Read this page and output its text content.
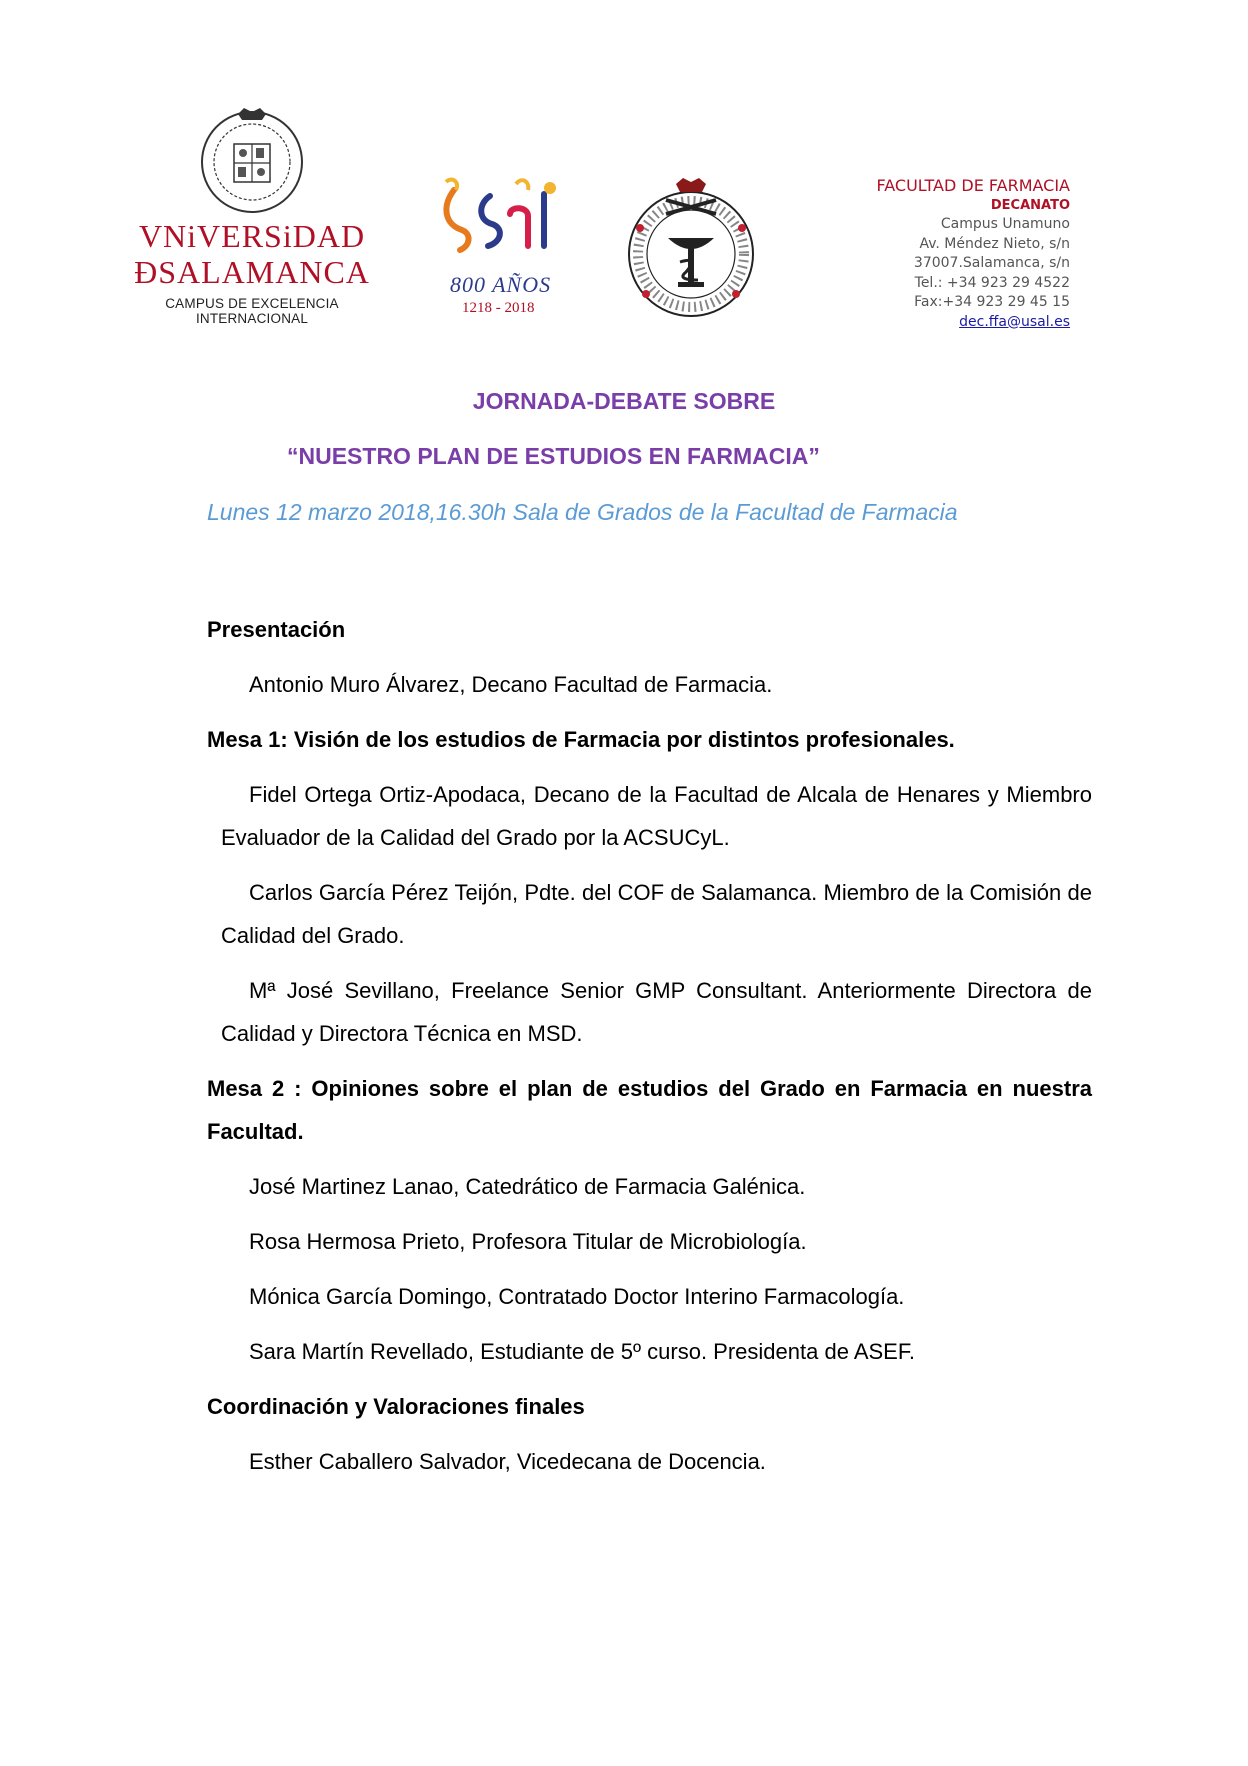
VNiVERSiDAD
ÐSALAMANCA
CAMPUS DE EXCELENCIA INTERNACIONAL
800 AÑOS
1218 - 2018
FACULTAD DE FARMACIA
DECANATO
Campus Unamuno
Av. Méndez Nieto, s/n
37007.Salamanca, s/n
Tel.: +34 923 29 4522
Fax:+34 923 29 45 15
dec.ffa@usal.es
JORNADA-DEBATE SOBRE
“NUESTRO PLAN DE ESTUDIOS EN FARMACIA”
Lunes 12 marzo 2018,16.30h Sala de Grados de la Facultad de Farmacia
Presentación
Antonio Muro Álvarez, Decano Facultad de Farmacia.
Mesa 1: Visión de los estudios de Farmacia por distintos profesionales.
Fidel Ortega Ortiz-Apodaca, Decano de la Facultad de Alcala de Henares y Miembro Evaluador de la Calidad del Grado por la ACSUCyL.
Carlos García Pérez Teijón, Pdte. del COF de Salamanca. Miembro de la Comisión de Calidad del Grado.
Mª José Sevillano, Freelance Senior GMP Consultant. Anteriormente Directora de Calidad y Directora Técnica en MSD.
Mesa 2 : Opiniones sobre el plan de estudios del Grado en Farmacia en nuestra Facultad.
José Martinez Lanao, Catedrático de Farmacia Galénica.
Rosa Hermosa Prieto, Profesora Titular de Microbiología.
Mónica García Domingo, Contratado Doctor Interino Farmacología.
Sara Martín Revellado, Estudiante de 5º curso. Presidenta de ASEF.
Coordinación y Valoraciones finales
Esther Caballero Salvador, Vicedecana de Docencia.
